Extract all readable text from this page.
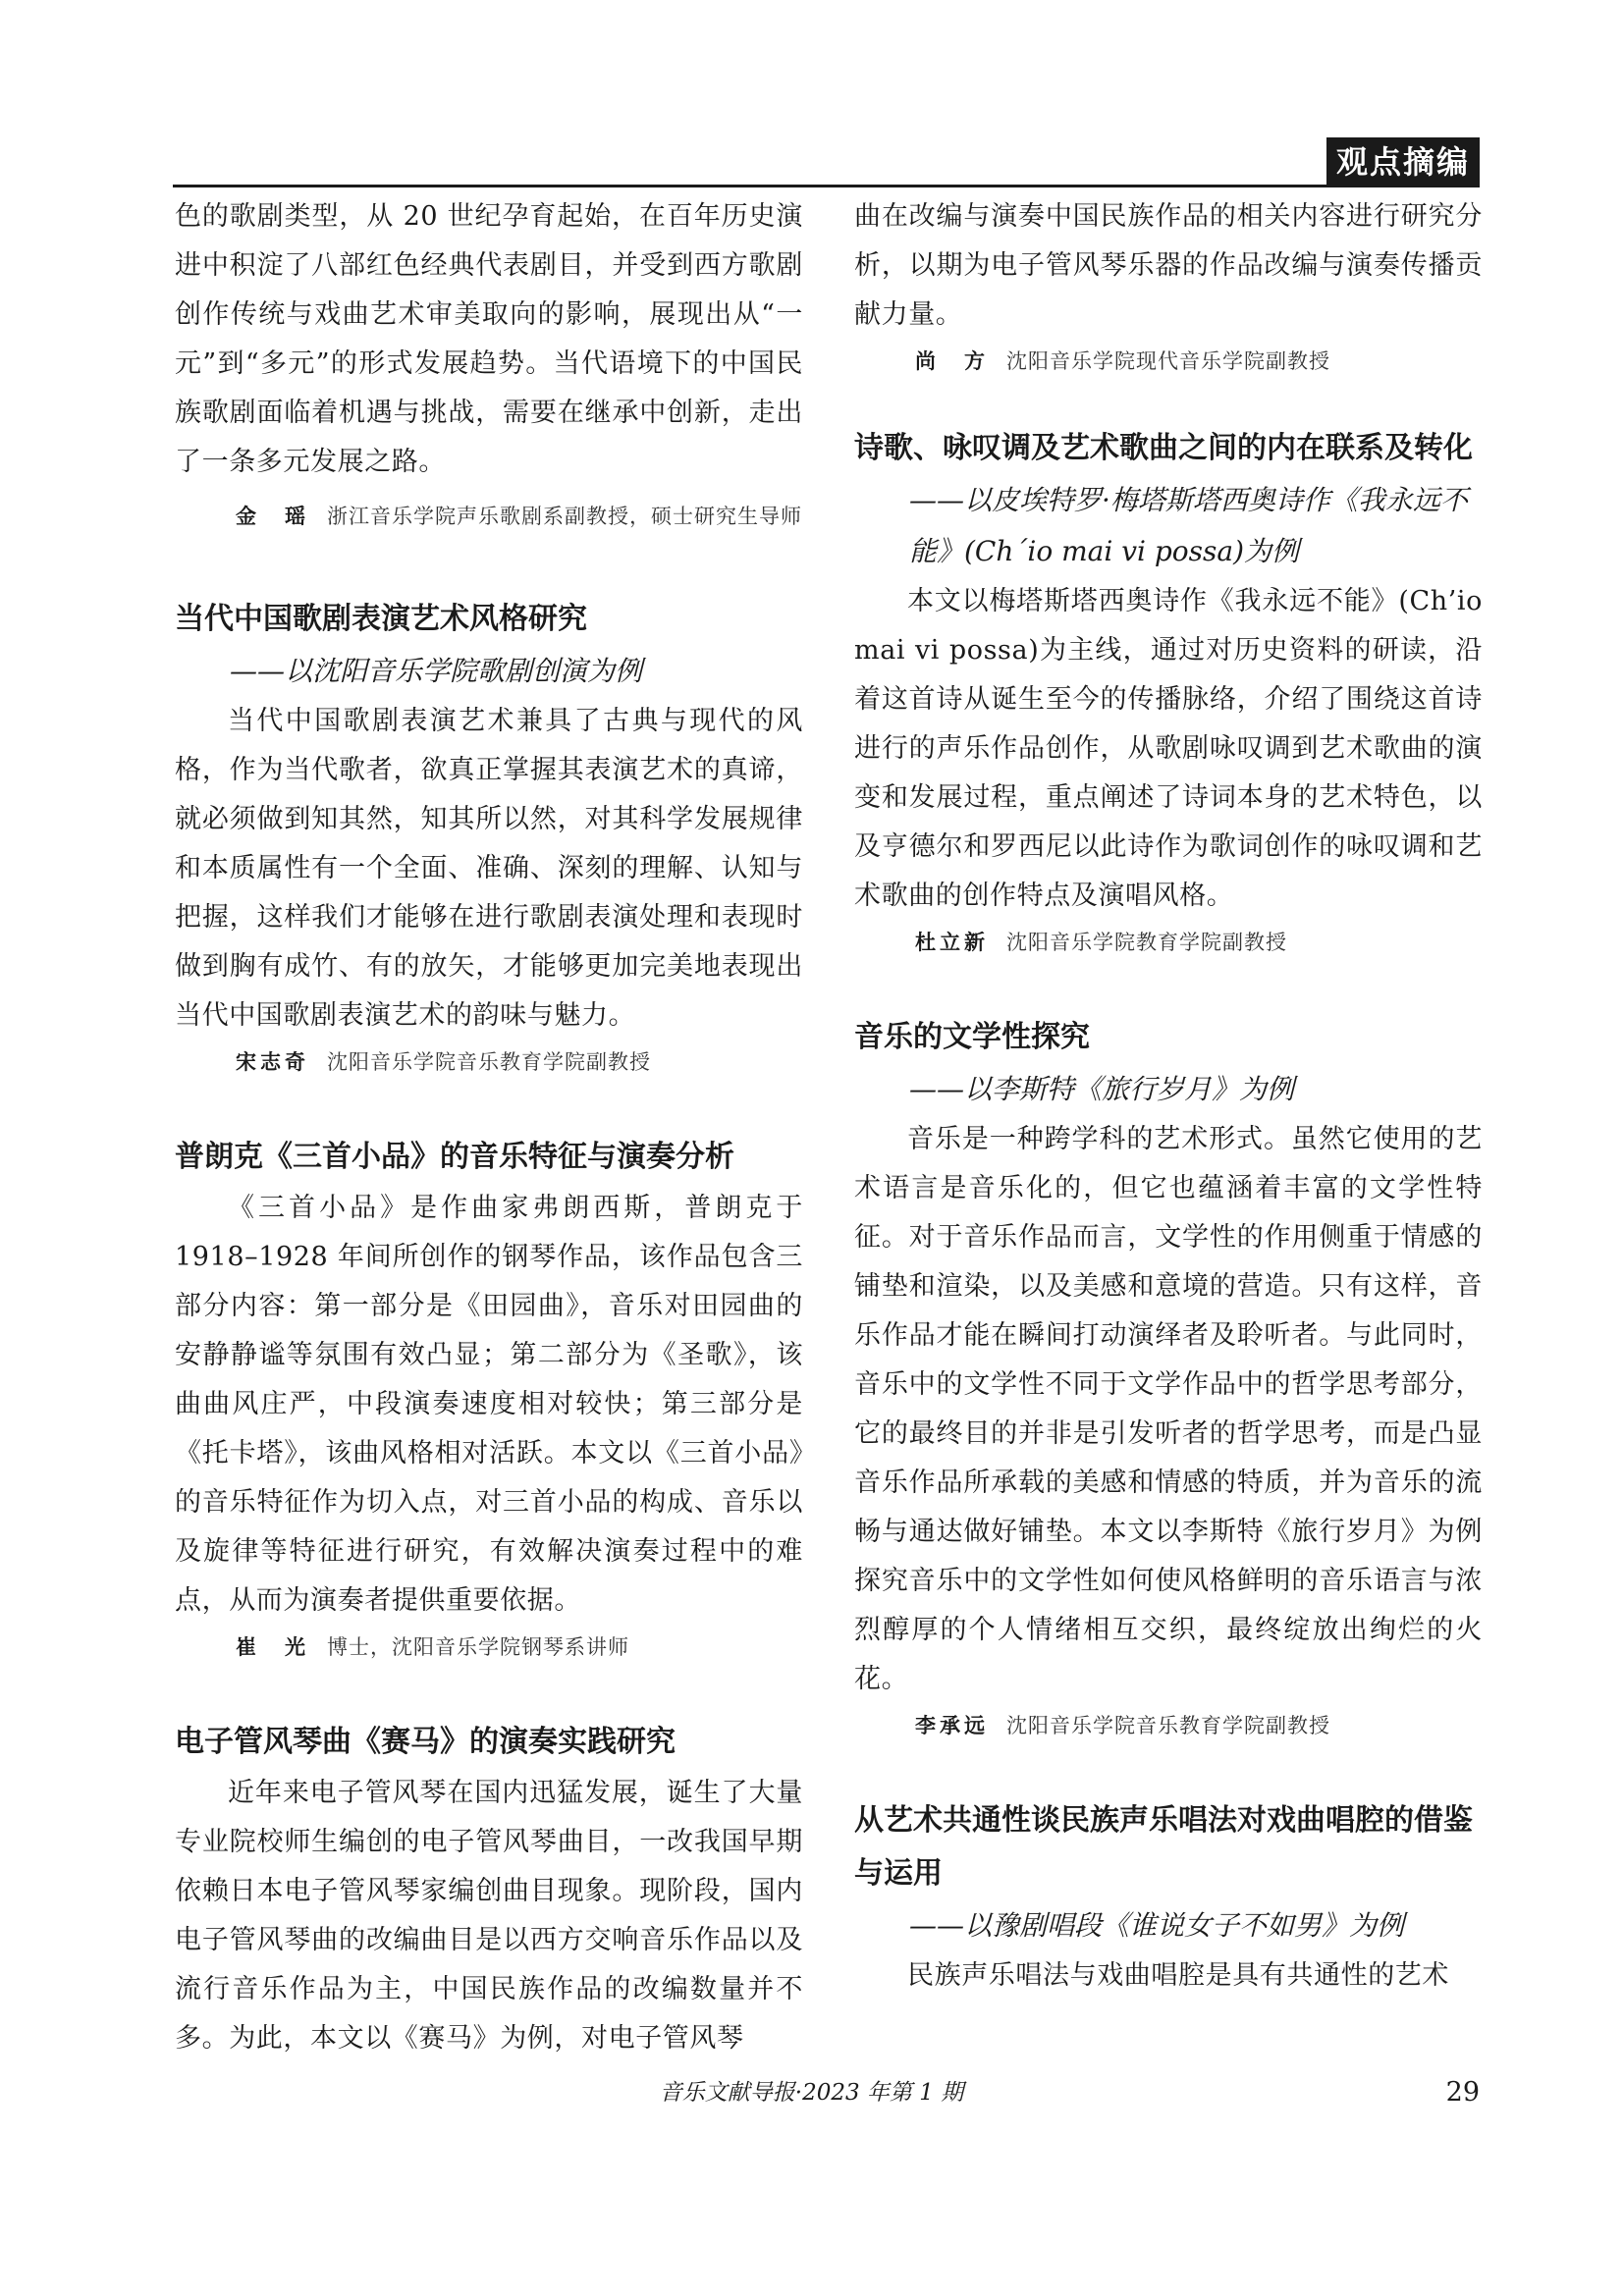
观点摘编

色的歌剧类型，从 20 世纪孕育起始，在百年历史演进中积淀了八部红色经典代表剧目，并受到西方歌剧创作传统与戏曲艺术审美取向的影响，展现出从“一元”到“多元”的形式发展趋势。当代语境下的中国民族歌剧面临着机遇与挑战，需要在继承中创新，走出了一条多元发展之路。

金　瑶 浙江音乐学院声乐歌剧系副教授，硕士研究生导师

当代中国歌剧表演艺术风格研究

——以沈阳音乐学院歌剧创演为例

当代中国歌剧表演艺术兼具了古典与现代的风格，作为当代歌者，欲真正掌握其表演艺术的真谛，就必须做到知其然，知其所以然，对其科学发展规律和本质属性有一个全面、准确、深刻的理解、认知与把握，这样我们才能够在进行歌剧表演处理和表现时做到胸有成竹、有的放矢，才能够更加完美地表现出当代中国歌剧表演艺术的韵味与魅力。

宋志奇 沈阳音乐学院音乐教育学院副教授

普朗克《三首小品》的音乐特征与演奏分析

《三首小品》是作曲家弗朗西斯，普朗克于 1918–1928 年间所创作的钢琴作品，该作品包含三部分内容：第一部分是《田园曲》，音乐对田园曲的安静静谧等氛围有效凸显；第二部分为《圣歌》，该曲曲风庄严，中段演奏速度相对较快；第三部分是《托卡塔》，该曲风格相对活跃。本文以《三首小品》的音乐特征作为切入点，对三首小品的构成、音乐以及旋律等特征进行研究，有效解决演奏过程中的难点，从而为演奏者提供重要依据。

崔　光 博士，沈阳音乐学院钢琴系讲师

电子管风琴曲《赛马》的演奏实践研究

近年来电子管风琴在国内迅猛发展，诞生了大量专业院校师生编创的电子管风琴曲目，一改我国早期依赖日本电子管风琴家编创曲目现象。现阶段，国内电子管风琴曲的改编曲目是以西方交响音乐作品以及流行音乐作品为主，中国民族作品的改编数量并不多。为此，本文以《赛马》为例，对电子管风琴

曲在改编与演奏中国民族作品的相关内容进行研究分析，以期为电子管风琴乐器的作品改编与演奏传播贡献力量。

尚　方 沈阳音乐学院现代音乐学院副教授

诗歌、咏叹调及艺术歌曲之间的内在联系及转化

——以皮埃特罗·梅塔斯塔西奥诗作《我永远不能》(Ch´io mai vi possa)为例

本文以梅塔斯塔西奥诗作《我永远不能》(Ch’io mai vi possa)为主线，通过对历史资料的研读，沿着这首诗从诞生至今的传播脉络，介绍了围绕这首诗进行的声乐作品创作，从歌剧咏叹调到艺术歌曲的演变和发展过程，重点阐述了诗词本身的艺术特色，以及亨德尔和罗西尼以此诗作为歌词创作的咏叹调和艺术歌曲的创作特点及演唱风格。

杜立新 沈阳音乐学院教育学院副教授

音乐的文学性探究

——以李斯特《旅行岁月》为例

音乐是一种跨学科的艺术形式。虽然它使用的艺术语言是音乐化的，但它也蕴涵着丰富的文学性特征。对于音乐作品而言，文学性的作用侧重于情感的铺垫和渲染，以及美感和意境的营造。只有这样，音乐作品才能在瞬间打动演绎者及聆听者。与此同时，音乐中的文学性不同于文学作品中的哲学思考部分，它的最终目的并非是引发听者的哲学思考，而是凸显音乐作品所承载的美感和情感的特质，并为音乐的流畅与通达做好铺垫。本文以李斯特《旅行岁月》为例探究音乐中的文学性如何使风格鲜明的音乐语言与浓烈醇厚的个人情绪相互交织，最终绽放出绚烂的火花。

李承远 沈阳音乐学院音乐教育学院副教授

从艺术共通性谈民族声乐唱法对戏曲唱腔的借鉴与运用

——以豫剧唱段《谁说女子不如男》为例

民族声乐唱法与戏曲唱腔是具有共通性的艺术

音乐文献导报·2023 年第 1 期	29
